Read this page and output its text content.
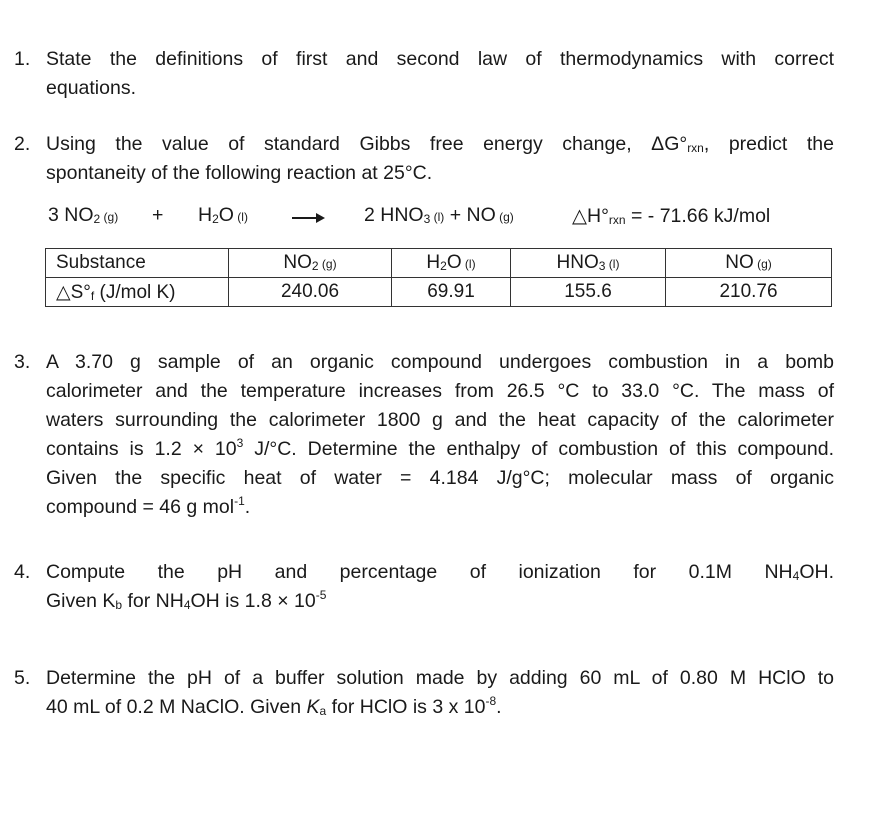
1. State the definitions of first and second law of thermodynamics with correct
equations.
2. Using the value of standard Gibbs free energy change, $\Delta G^\circ_{rxn}$, predict the
spontaneity of the following reaction at 25°C.
3 $NO_2$ $(g) + H_2O$ (l)	2 $HNO_3$ (l) + NO (g)	$\triangle H^\circ_{rxn}$ = - 71.66 kJ/mol
Substance	$NO_2$ (g)	$H_2O$ (l)	$HNO_3$ (l)	NO (g)
$\triangle S^\circ_f$ (J/mol K)	240.06	69.91	155.6	210.76
3. A 3.70 g sample of an organic compound undergoes combustion in a bomb
calorimeter and the temperature increases from 26.5 °C to 33.0 °C. The mass of
waters surrounding the calorimeter 1800 g and the heat capacity of the calorimeter
contains is $1.2 \times 10^3$ J/°C. Determine the enthalpy of combustion of this compound.
Given the specific heat of water = 4.184 J/g°C; molecular mass of organic
compound = 46 g mol$^{-1}$.
4. Compute the pH and percentage of ionization for 0.1M $NH_4OH$.
Given $K_b$ for $NH_4OH$ is $1.8 \times 10^{-5}$
5. Determine the pH of a buffer solution made by adding 60 mL of 0.80 M HClO to
40 mL of 0.2 M NaClO. Given $K_a$ for HClO is 3 x $10^{-8}$.
